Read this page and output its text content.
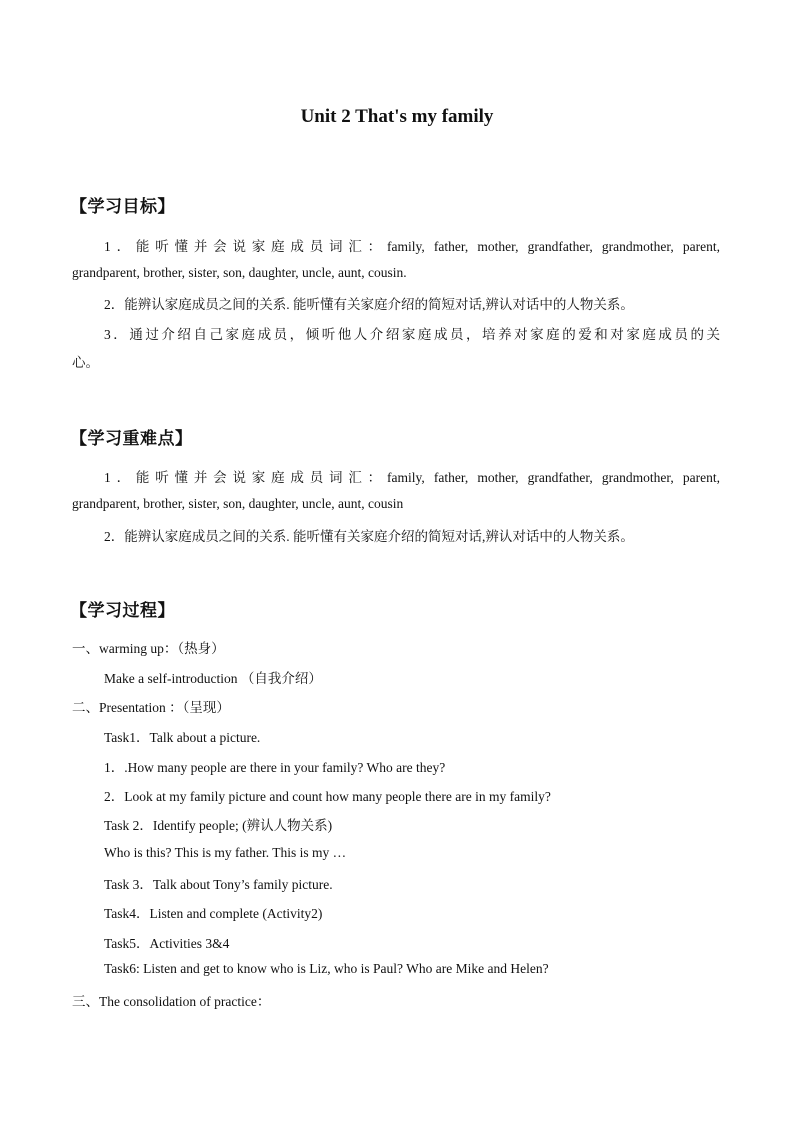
Unit 2 That's my family
【学习目标】
1．能听懂并会说家庭成员词汇：family, father, mother, grandfather, grandmother, parent,
grandparent, brother, sister, son, daughter, uncle, aunt, cousin.
2．能辨认家庭成员之间的关系. 能听懂有关家庭介绍的简短对话,辨认对话中的人物关系。
3．通过介绍自己家庭成员，倾听他人介绍家庭成员，培养对家庭的爱和对家庭成员的关
心。
【学习重难点】
1．能听懂并会说家庭成员词汇：family, father, mother, grandfather, grandmother, parent,
grandparent, brother, sister, son, daughter, uncle, aunt, cousin
2．能辨认家庭成员之间的关系. 能听懂有关家庭介绍的简短对话,辨认对话中的人物关系。
【学习过程】
一、warming up：（热身）
Make a self-introduction （自我介绍）
二、Presentation ：（呈现）
Task1．Talk about a picture.
1．.How many people are there in your family? Who are they?
2．Look at my family picture and count how many people there are in my family?
Task 2．Identify people; (辨认人物关系)
Who is this? This is my father. This is my …
Task 3．Talk about Tony’s family picture.
Task4．Listen and complete (Activity2)
Task5．Activities 3&4
Task6: Listen and get to know who is Liz, who is Paul? Who are Mike and Helen?
三、The consolidation of practice：
